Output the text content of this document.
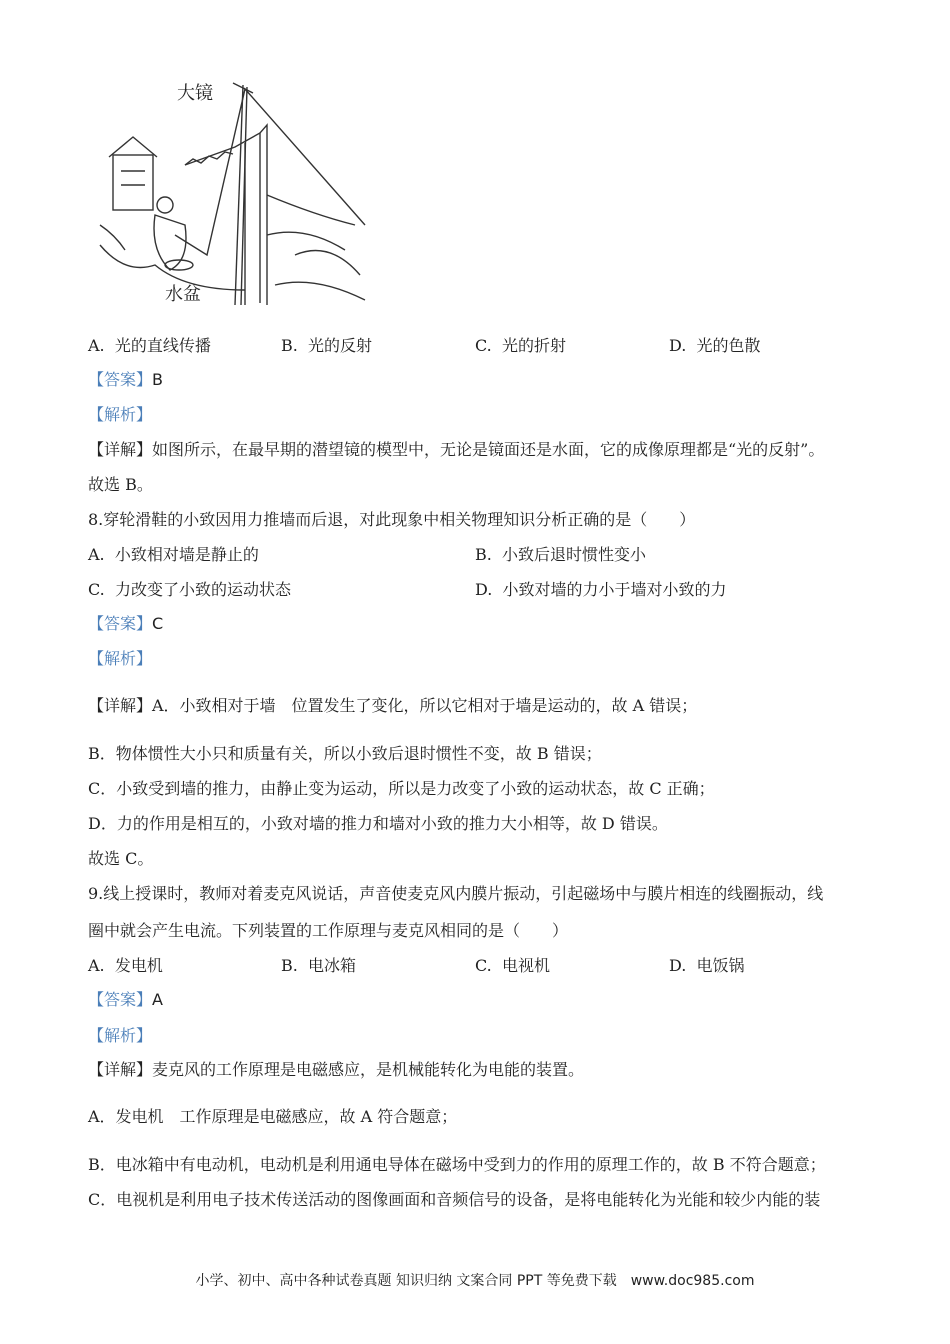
大镜
水盆
A. 光的直线传播	B. 光的反射	C. 光的折射	D. 光的色散
【答案】B
【解析】
【详解】如图所示，在最早期的潜望镜的模型中，无论是镜面还是水面，它的成像原理都是“光的反射”。
故选 B。
8.穿轮滑鞋的小致因用力推墙而后退，对此现象中相关物理知识分析正确的是（　　）
A. 小致相对墙是静止的	B. 小致后退时惯性变小
C. 力改变了小致的运动状态	D. 小致对墙的力小于墙对小致的力
【答案】C
【解析】
【详解】A．小致相对于墙　位置发生了变化，所以它相对于墙是运动的，故 A 错误；
B．物体惯性大小只和质量有关，所以小致后退时惯性不变，故 B 错误；
C．小致受到墙的推力，由静止变为运动，所以是力改变了小致的运动状态，故 C 正确；
D．力的作用是相互的，小致对墙的推力和墙对小致的推力大小相等，故 D 错误。
故选 C。
9.线上授课时，教师对着麦克风说话，声音使麦克风内膜片振动，引起磁场中与膜片相连的线圈振动，线
圈中就会产生电流。下列装置的工作原理与麦克风相同的是（　　）
A. 发电机	B. 电冰箱	C. 电视机	D. 电饭锅
【答案】A
【解析】
【详解】麦克风的工作原理是电磁感应，是机械能转化为电能的装置。
A．发电机　工作原理是电磁感应，故 A 符合题意；
B．电冰箱中有电动机，电动机是利用通电导体在磁场中受到力的作用的原理工作的，故 B 不符合题意；
C．电视机是利用电子技术传送活动的图像画面和音频信号的设备，是将电能转化为光能和较少内能的装
小学、初中、高中各种试卷真题 知识归纳 文案合同 PPT 等免费下载　www.doc985.com
